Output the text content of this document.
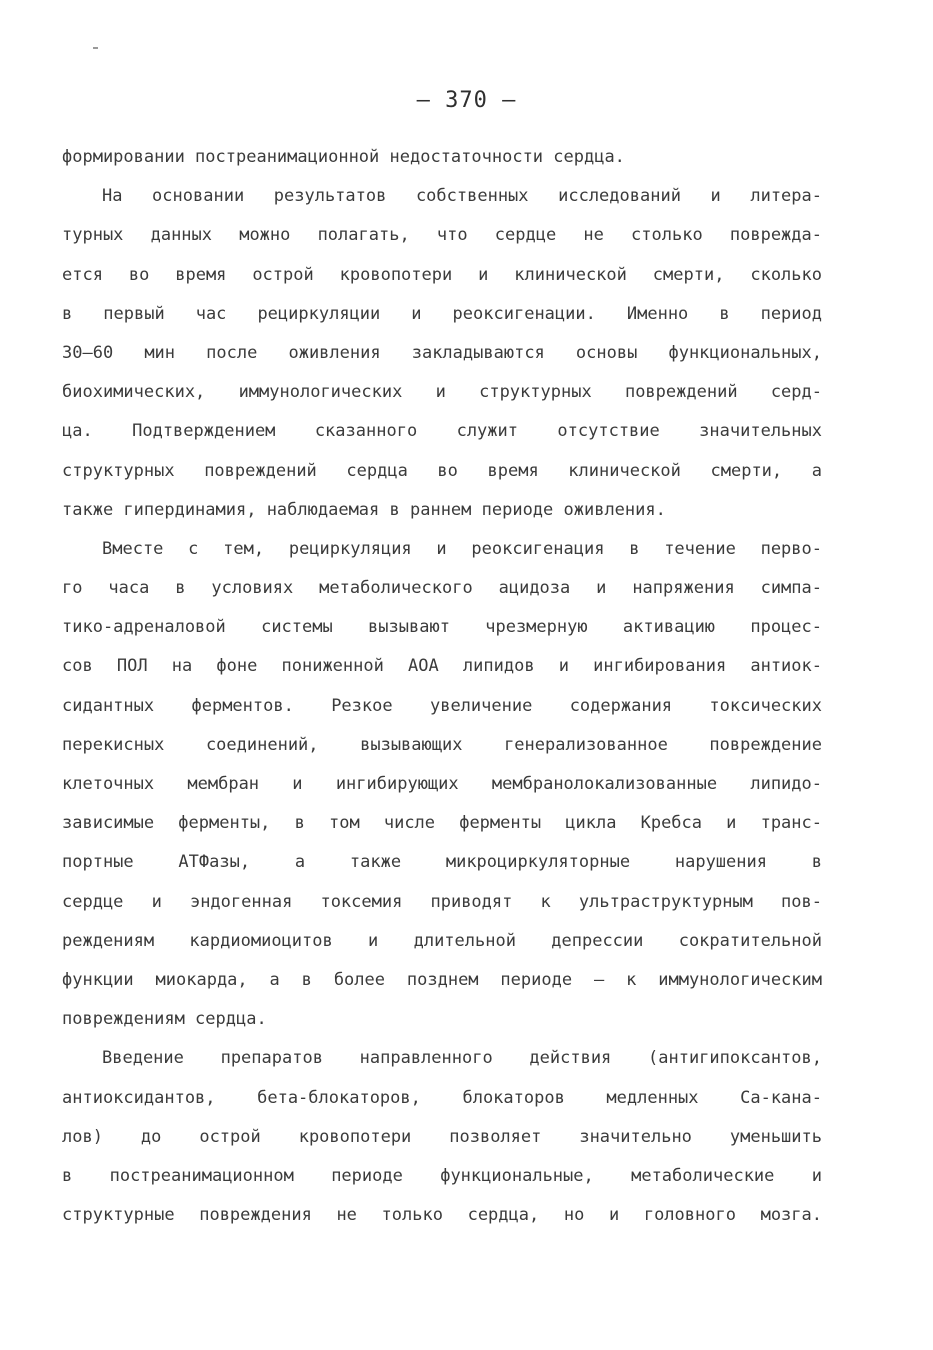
– 370 –
формировании постреанимационной недостаточности сердца.
На основании результатов собственных исследований и литера-
турных данных можно полагать, что сердце не столько поврежда-
ется во время острой кровопотери и клинической смерти, сколько
в первый час рециркуляции и реоксигенации. Именно в период
30–60 мин после оживления закладываются основы функциональных,
биохимических, иммунологических и структурных повреждений серд-
ца. Подтверждением сказанного служит отсутствие значительных
структурных повреждений сердца во время клинической смерти, а
также гипердинамия, наблюдаемая в раннем периоде оживления.
Вместе с тем, рециркуляция и реоксигенация в течение перво-
го часа в условиях метаболического ацидоза и напряжения симпа-
тико-адреналовой системы вызывают чрезмерную активацию процес-
сов ПОЛ на фоне пониженной АОА липидов и ингибирования антиок-
сидантных ферментов. Резкое увеличение содержания токсических
перекисных соединений, вызывающих генерализованное повреждение
клеточных мембран и ингибирующих мембранолокализованные липидо-
зависимые ферменты, в том числе ферменты цикла Кребса и транс-
портные АТФазы, а также микроциркуляторные нарушения в
сердце и эндогенная токсемия приводят к ультраструктурным пов-
реждениям кардиомиоцитов и длительной депрессии сократительной
функции миокарда, а в более позднем периоде – к иммунологическим
повреждениям сердца.
Введение препаратов направленного действия (антигипоксантов,
антиоксидантов, бета-блокаторов, блокаторов медленных Са-кана-
лов) до острой кровопотери позволяет значительно уменьшить
в постреанимационном периоде функциональные, метаболические и
структурные повреждения не только сердца, но и головного мозга.
